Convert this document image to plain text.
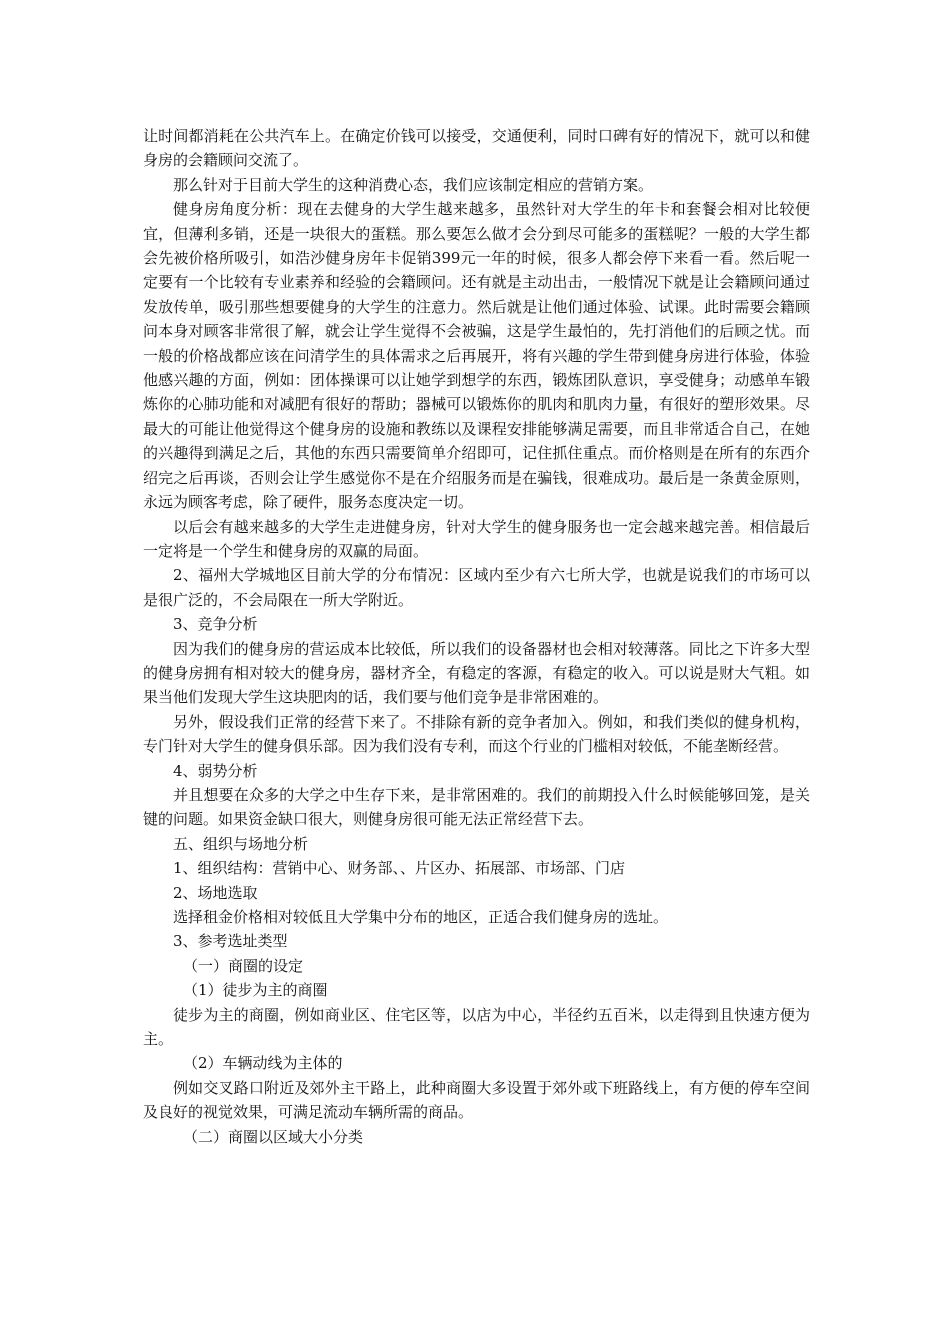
让时间都消耗在公共汽车上。在确定价钱可以接受，交通便利，同时口碑有好的情况下，就可以和健身房的会籍顾问交流了。

那么针对于目前大学生的这种消费心态，我们应该制定相应的营销方案。

健身房角度分析：现在去健身的大学生越来越多，虽然针对大学生的年卡和套餐会相对比较便宜，但薄利多销，还是一块很大的蛋糕。那么要怎么做才会分到尽可能多的蛋糕呢？一般的大学生都会先被价格所吸引，如浩沙健身房年卡促销399元一年的时候，很多人都会停下来看一看。然后呢一定要有一个比较有专业素养和经验的会籍顾问。还有就是主动出击，一般情况下就是让会籍顾问通过发放传单，吸引那些想要健身的大学生的注意力。然后就是让他们通过体验、试课。此时需要会籍顾问本身对顾客非常很了解，就会让学生觉得不会被骗，这是学生最怕的，先打消他们的后顾之忧。而一般的价格战都应该在问清学生的具体需求之后再展开，将有兴趣的学生带到健身房进行体验，体验他感兴趣的方面，例如：团体操课可以让她学到想学的东西，锻炼团队意识，享受健身；动感单车锻炼你的心肺功能和对减肥有很好的帮助；器械可以锻炼你的肌肉和肌肉力量，有很好的塑形效果。尽最大的可能让他觉得这个健身房的设施和教练以及课程安排能够满足需要，而且非常适合自己，在她的兴趣得到满足之后，其他的东西只需要简单介绍即可，记住抓住重点。而价格则是在所有的东西介绍完之后再谈，否则会让学生感觉你不是在介绍服务而是在骗钱，很难成功。最后是一条黄金原则，永远为顾客考虑，除了硬件，服务态度决定一切。

以后会有越来越多的大学生走进健身房，针对大学生的健身服务也一定会越来越完善。相信最后一定将是一个学生和健身房的双赢的局面。

2、福州大学城地区目前大学的分布情况：区域内至少有六七所大学，也就是说我们的市场可以是很广泛的，不会局限在一所大学附近。

3、竞争分析

因为我们的健身房的营运成本比较低，所以我们的设备器材也会相对较薄落。同比之下许多大型的健身房拥有相对较大的健身房，器材齐全，有稳定的客源，有稳定的收入。可以说是财大气粗。如果当他们发现大学生这块肥肉的话，我们要与他们竞争是非常困难的。

另外，假设我们正常的经营下来了。不排除有新的竞争者加入。例如，和我们类似的健身机构，专门针对大学生的健身俱乐部。因为我们没有专利，而这个行业的门槛相对较低，不能垄断经营。

4、弱势分析

并且想要在众多的大学之中生存下来，是非常困难的。我们的前期投入什么时候能够回笼，是关键的问题。如果资金缺口很大，则健身房很可能无法正常经营下去。

五、组织与场地分析

1、组织结构：营销中心、财务部、、片区办、拓展部、市场部、门店

2、场地选取

选择租金价格相对较低且大学集中分布的地区，正适合我们健身房的选址。

3、参考选址类型

（一）商圈的设定

（1）徒步为主的商圈

徒步为主的商圈，例如商业区、住宅区等，以店为中心，半径约五百米，以走得到且快速方便为主。

（2）车辆动线为主体的

例如交叉路口附近及郊外主干路上，此种商圈大多设置于郊外或下班路线上，有方便的停车空间及良好的视觉效果，可满足流动车辆所需的商品。

（二）商圈以区域大小分类
